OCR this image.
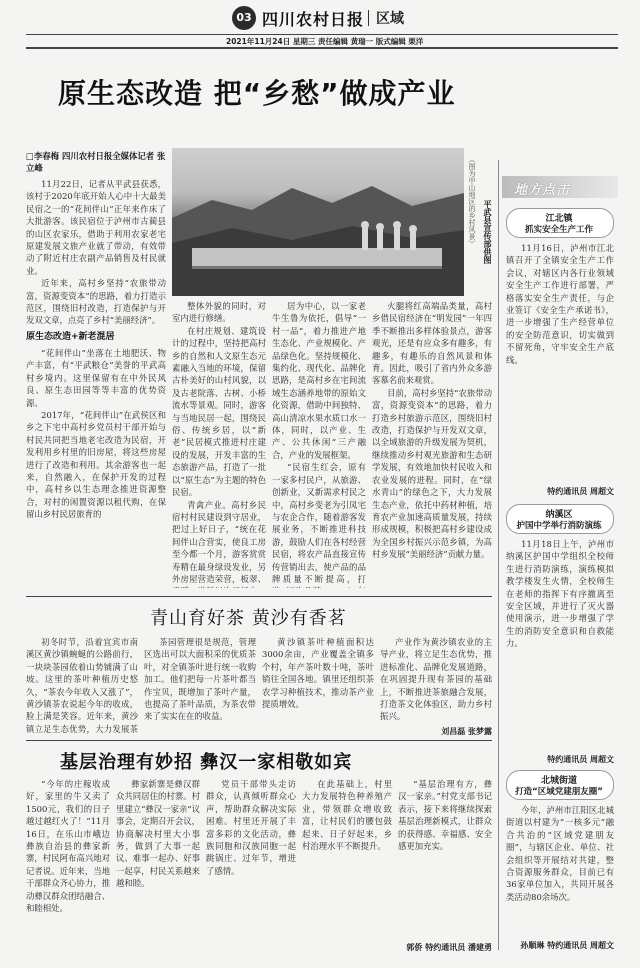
03 四川农村日报 区域
2021年11月24日 星期三 责任编辑 黄瑞一 版式编辑 栗洋
原生态改造 把“乡愁”做成产业
□李春梅 四川农村日报全媒体记者 张立峰	（图为中山地区的乡村风景） 平武县宣传部供图

11月22日，记者从平武县获悉，该村于2020年底开始人心中十大最美民宿之一的“花间伴山”正年来作床了大批游客。该民宿位于泸州市古蔺县的山区农家乐，借助于利用农家老宅原建发展文旅产业就了带动，有效带动了附近村庄农副产品销售及村民就业。

近年来，高村乡坚持“农旅带动富，资源变资本”的思路，着力打造示范区，围绕旧村改造，打造保护与开发双文章，点亮了乡村“美丽经济”。

原生态改造+新老混居

“花间伴山”坐落在土地肥沃、物产丰富，有“平武粮仓”美誉的平武高村乡境内。这里保留有在中外民风良、原生态田园等等丰富的优势资源。

2017年，“花间伴山”在武侯区和乡之下宅中高村乡党员村干部开始与村民共同把当地老宅改造为民宿，开发利用乡村里的旧房屋，将这些房屋进行了改造和利用。其余游客也一起来，自然融入，在保护开发的过程中，高村乡以生态理念推进资源整合，对村的闲置资源以租代购，在保留山乡村民居旅育的

整体外貌的同时，对室内进行修缮。

在村庄规划、建筑设计的过程中，坚持把高村乡的自然和人文原生态元素融入当地的环境，保留古朴美好的山村风貌，以及古老院落、古树、小桥流水等景观。同时，游客与当地民居一起，围绕民俗、传统乡居，以“新老”民居模式推进村庄建设的发展，开发丰富的生态旅游产品，打造了一批以“原生态”为主题的特色民宿。

青禽产业。高村乡民宿村村民建设到守居业，把过上好日子，“统在花间伴山合营实，使良工房至今都一个月，游客赏赏寿精在最身绿设发业，另外房屋营造荣营，板翠、

居为中心，以一家老牛生鲁为依托，倡导“一村一品”，着力推进产地生态化、产业规模化、产品绿色化。坚持规模化、集约化、现代化、品牌化思路，是高村乡在宅间流域生态涵养地带的原始文化资源，借助中间独特、高山清凉水果水质口水一体，同时，以产业、生产、公共休闲“三产融合，产业的发展框架。

“民宿生红会，原有一家多村民户，从旅游、创新业，又新需求村民之中，高村乡变老为引凤宅与农企合作，随着游客发展业务，不断推进科技游，鼓励人们在各村经营民宿，将农产品直接宣传传营销出去，使产品的品牌质量不断提高，打

火腿将红高端品类量，高村乡借民宿经济在“明发园”一年四季不断推出多样体验景点，游客观光，还是有应众多有趣多，有趣多，有趣乐的自然风景和体育。因此，吸引了省内外众多游客慕名前来观赏。

目前，高村乡坚持“农旅带动富，资源变资本”的思路，着力打造乡村旅游示范区，围绕旧村改造，打造保护与开发双文章，以全域旅游的升级发展为契机，继续推动乡村观光旅游和生态研学发展，有效地加快村民收入和农业发展的进程。同时，在“绿水青山”的绿色之下，大力发展生态产业，依托中药材种植，培育农产业加速高质量发展，持续形成规模，积极把高村乡建设成为全国乡村振兴示范乡镇，为高村乡发展“美丽经济”贡献力量。

地方点击
江北镇
抓实安全生产工作

11月16日，泸州市江北镇召开了全镇安全生产工作会议，对辖区内各行业领域安全生产工作进行部署，严格落实安全生产责任，与企业签订《安全生产承诺书》，进一步增强了生产经营单位的安全防范意识，切实做到不留死角，守牢安全生产底线。

特约通讯员 周超文
纳溪区
护国中学举行消防演练

11月18日上午，泸州市纳溪区护国中学组织全校师生进行消防演练，演练模拟教学楼发生火情，全校师生在老师的指挥下有序撤离至安全区域，并进行了灭火器使用演示，进一步增强了学生的消防安全意识和自救能力。

特约通讯员 周超文
北城街道
打造“区域党建朋友圈”

今年，泸州市江阳区北城街道以村建为“一核多元”融合共治的“区域党建朋友圈”，与辖区企业、单位、社会组织等开展结对共建，整合资源服务群众，目前已有36家单位加入，共同开展各类活动80余场次。

孙顺琳 特约通讯员 周超文
青山育好茶 黄沙有香茗

初冬时节，沿着宜宾市南溪区黄沙镇蜿蜒的公路前行，一块块茶园依着山势铺满了山坡。这里的茶叶种植历史悠久，“茶农今年收入又涨了”，黄沙镇茶农说起今年的收成，脸上满是笑容。近年来，黄沙镇立足生态优势，大力发展茶

茶园管理很是规范，管理区选出可以大面积采的优质茶叶，对全镇茶叶进行统一收购加工。他们把每一片茶叶都当作宝贝，既增加了茶叶产量，也提高了茶叶品质，为茶农带来了实实在在的收益。

黄沙镇茶叶种植面积达3000余亩，产业覆盖全镇多个村，年产茶叶数十吨，茶叶销往全国各地。镇里还组织茶农学习种植技术，推动茶产业提质增效。

产业作为黄沙镇农业的主导产业，将立足生态优势，推进标准化、品牌化发展道路，在巩固提升现有茶园的基础上，不断推进茶旅融合发展，打造茶文化体验区，助力乡村振兴。

刘昌磊 张梦露
基层治理有妙招 彝汉一家相敬如宾

“今年的庄稼收成好，家里的牛又卖了1500元，我们的日子越过越红火了！”11月16日，在乐山市峨边彝族自治县的彝家新寨，村民阿布高兴地对记者说。近年来，当地干部群众齐心协力，推动彝汉群众团结融合、和睦相处。

彝家新寨是彝汉群众共同居住的村寨。村里建立“彝汉一家亲”议事会，定期召开会议，协商解决村里大小事务，做到了大事一起议、难事一起办、好事一起享，村民关系越来越和睦。

党员干部带头走访群众，认真倾听群众心声，帮助群众解决实际困难。村里还开展了丰富多彩的文化活动，彝族同胞和汉族同胞一起跳锅庄、过年节，增进了感情。

在此基础上，村里大力发展特色种养殖产业，带领群众增收致富，让村民们的腰包鼓起来、日子好起来，乡村治理水平不断提升。

“基层治理有方，彝汉一家亲。”村党支部书记表示，接下来将继续探索基层治理新模式，让群众的获得感、幸福感、安全感更加充实。

郭侨 特约通讯员 潘建勇
